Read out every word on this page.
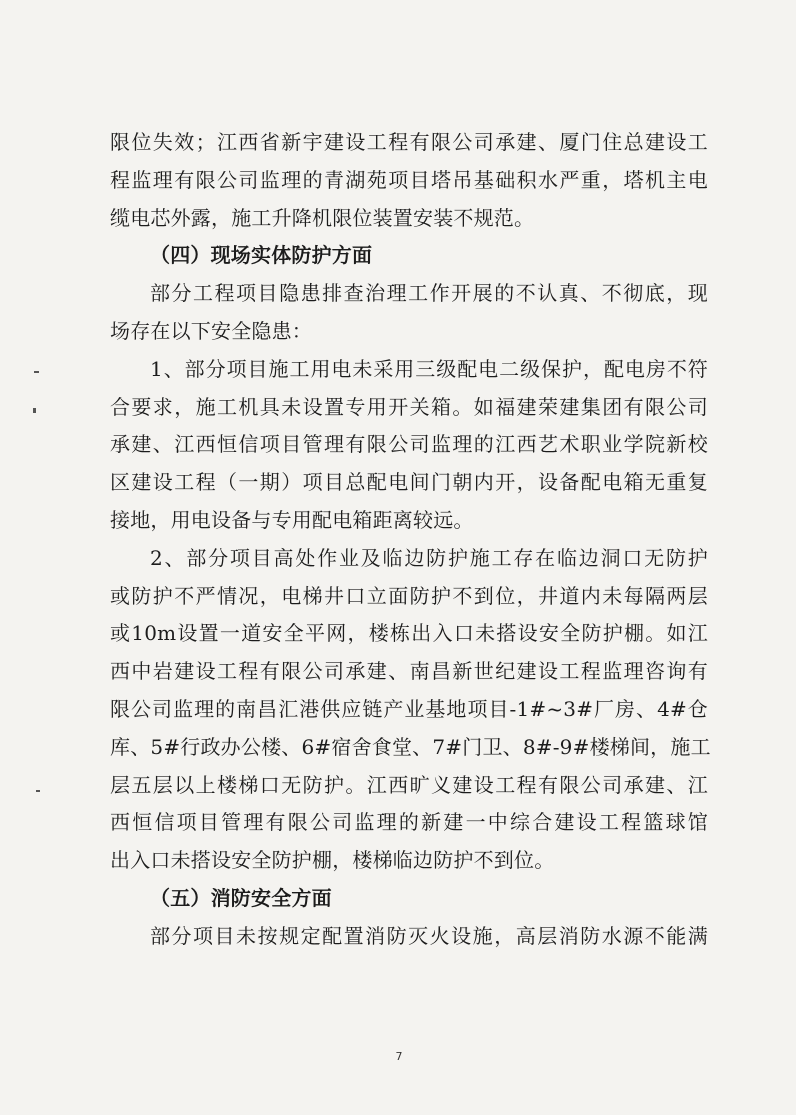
限位失效；江西省新宇建设工程有限公司承建、厦门住总建设工
程监理有限公司监理的青湖苑项目塔吊基础积水严重，塔机主电
缆电芯外露，施工升降机限位装置安装不规范。
（四）现场实体防护方面
部分工程项目隐患排查治理工作开展的不认真、不彻底，现
场存在以下安全隐患：
1、部分项目施工用电未采用三级配电二级保护，配电房不符
合要求，施工机具未设置专用开关箱。如福建荣建集团有限公司
承建、江西恒信项目管理有限公司监理的江西艺术职业学院新校
区建设工程（一期）项目总配电间门朝内开，设备配电箱无重复
接地，用电设备与专用配电箱距离较远。
2、部分项目高处作业及临边防护施工存在临边洞口无防护
或防护不严情况，电梯井口立面防护不到位，井道内未每隔两层
或10m设置一道安全平网，楼栋出入口未搭设安全防护棚。如江
西中岩建设工程有限公司承建、南昌新世纪建设工程监理咨询有
限公司监理的南昌汇港供应链产业基地项目-1#~3#厂房、4#仓
库、5#行政办公楼、6#宿舍食堂、7#门卫、8#-9#楼梯间，施工
层五层以上楼梯口无防护。江西旷义建设工程有限公司承建、江
西恒信项目管理有限公司监理的新建一中综合建设工程篮球馆
出入口未搭设安全防护棚，楼梯临边防护不到位。
（五）消防安全方面
部分项目未按规定配置消防灭火设施，高层消防水源不能满
7
